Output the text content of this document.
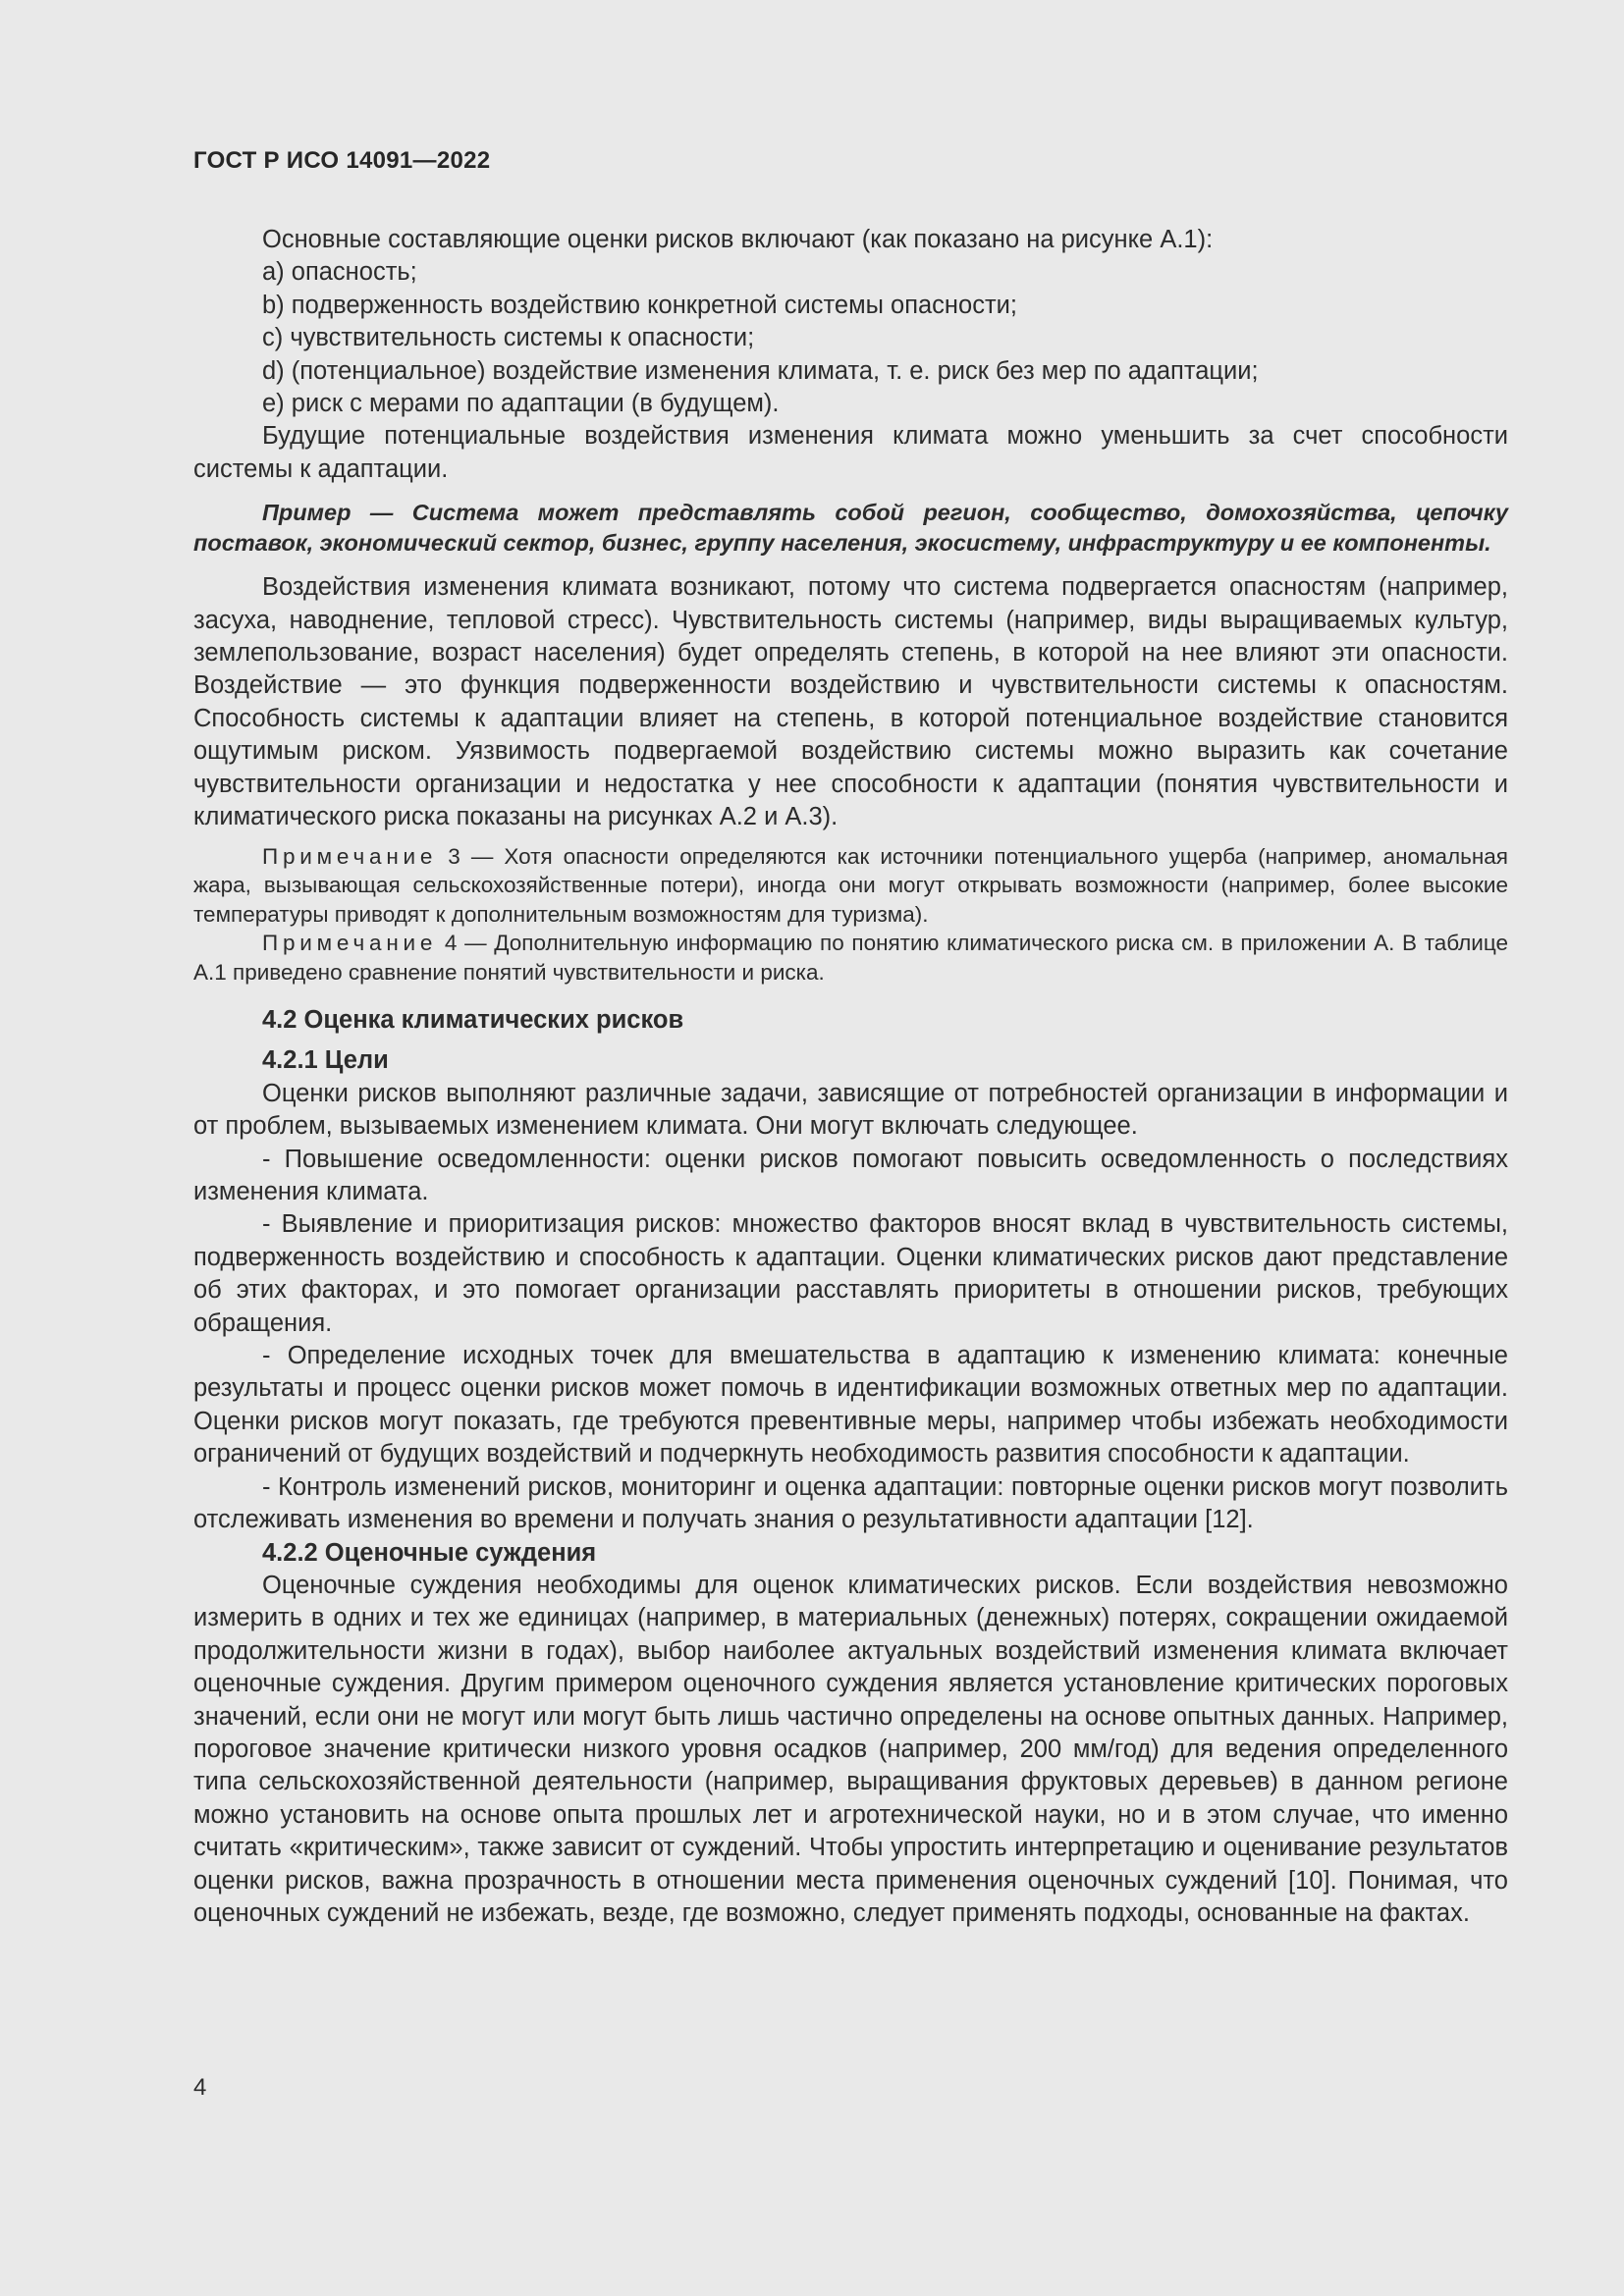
ГОСТ Р ИСО 14091—2022

Основные составляющие оценки рисков включают (как показано на рисунке А.1):

a) опасность;

b) подверженность воздействию конкретной системы опасности;

c) чувствительность системы к опасности;

d) (потенциальное) воздействие изменения климата, т. е. риск без мер по адаптации;

e) риск с мерами по адаптации (в будущем).

Будущие потенциальные воздействия изменения климата можно уменьшить за счет способности системы к адаптации.

Пример — Система может представлять собой регион, сообщество, домохозяйства, цепочку поставок, экономический сектор, бизнес, группу населения, экосистему, инфраструктуру и ее компоненты.

Воздействия изменения климата возникают, потому что система подвергается опасностям (например, засуха, наводнение, тепловой стресс). Чувствительность системы (например, виды выращиваемых культур, землепользование, возраст населения) будет определять степень, в которой на нее влияют эти опасности. Воздействие — это функция подверженности воздействию и чувствительности системы к опасностям. Способность системы к адаптации влияет на степень, в которой потенциальное воздействие становится ощутимым риском. Уязвимость подвергаемой воздействию системы можно выразить как сочетание чувствительности организации и недостатка у нее способности к адаптации (понятия чувствительности и климатического риска показаны на рисунках А.2 и А.3).

Примечание 3 — Хотя опасности определяются как источники потенциального ущерба (например, аномальная жара, вызывающая сельскохозяйственные потери), иногда они могут открывать возможности (например, более высокие температуры приводят к дополнительным возможностям для туризма).

Примечание 4 — Дополнительную информацию по понятию климатического риска см. в приложении А. В таблице А.1 приведено сравнение понятий чувствительности и риска.

4.2 Оценка климатических рисков

4.2.1 Цели

Оценки рисков выполняют различные задачи, зависящие от потребностей организации в информации и от проблем, вызываемых изменением климата. Они могут включать следующее.

- Повышение осведомленности: оценки рисков помогают повысить осведомленность о последствиях изменения климата.

- Выявление и приоритизация рисков: множество факторов вносят вклад в чувствительность системы, подверженность воздействию и способность к адаптации. Оценки климатических рисков дают представление об этих факторах, и это помогает организации расставлять приоритеты в отношении рисков, требующих обращения.

- Определение исходных точек для вмешательства в адаптацию к изменению климата: конечные результаты и процесс оценки рисков может помочь в идентификации возможных ответных мер по адаптации. Оценки рисков могут показать, где требуются превентивные меры, например чтобы избежать необходимости ограничений от будущих воздействий и подчеркнуть необходимость развития способности к адаптации.

- Контроль изменений рисков, мониторинг и оценка адаптации: повторные оценки рисков могут позволить отслеживать изменения во времени и получать знания о результативности адаптации [12].

4.2.2 Оценочные суждения

Оценочные суждения необходимы для оценок климатических рисков. Если воздействия невозможно измерить в одних и тех же единицах (например, в материальных (денежных) потерях, сокращении ожидаемой продолжительности жизни в годах), выбор наиболее актуальных воздействий изменения климата включает оценочные суждения. Другим примером оценочного суждения является установление критических пороговых значений, если они не могут или могут быть лишь частично определены на основе опытных данных. Например, пороговое значение критически низкого уровня осадков (например, 200 мм/год) для ведения определенного типа сельскохозяйственной деятельности (например, выращивания фруктовых деревьев) в данном регионе можно установить на основе опыта прошлых лет и агротехнической науки, но и в этом случае, что именно считать «критическим», также зависит от суждений. Чтобы упростить интерпретацию и оценивание результатов оценки рисков, важна прозрачность в отношении места применения оценочных суждений [10]. Понимая, что оценочных суждений не избежать, везде, где возможно, следует применять подходы, основанные на фактах.

4
